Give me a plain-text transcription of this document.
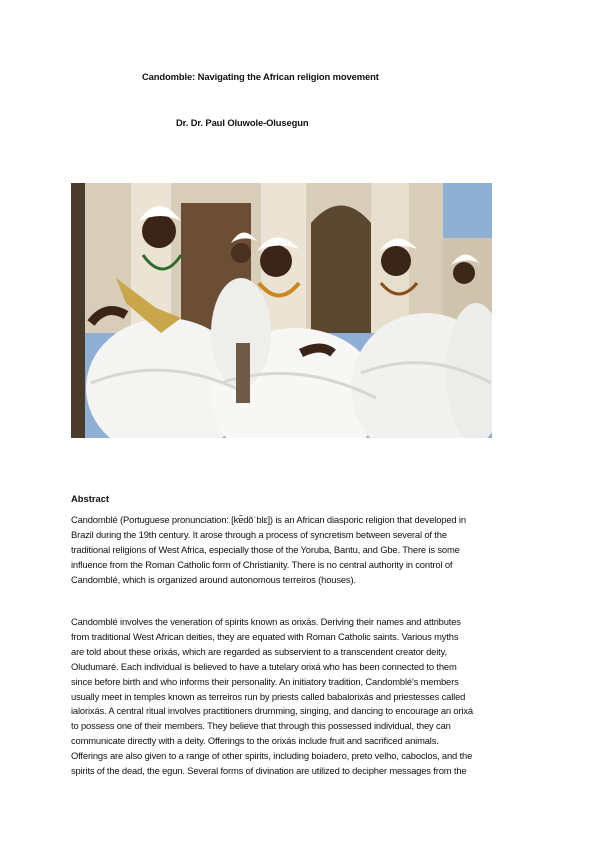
Candomble: Navigating the African religion movement
Dr. Dr. Paul Oluwole-Olusegun
Abstract
Candomblé (Portuguese pronunciation: [kɐ̃dõˈblɛ]) is an African diasporic religion that developed in
Brazil during the 19th century. It arose through a process of syncretism between several of the
traditional religions of West Africa, especially those of the Yoruba, Bantu, and Gbe. There is some
influence from the Roman Catholic form of Christianity. There is no central authority in control of
Candomblé, which is organized around autonomous terreiros (houses).
Candomblé involves the veneration of spirits known as orixás. Deriving their names and attributes
from traditional West African deities, they are equated with Roman Catholic saints. Various myths
are told about these orixás, which are regarded as subservient to a transcendent creator deity,
Oludumaré. Each individual is believed to have a tutelary orixá who has been connected to them
since before birth and who informs their personality. An initiatory tradition, Candomblé's members
usually meet in temples known as terreiros run by priests called babalorixás and priestesses called
ialorixás. A central ritual involves practitioners drumming, singing, and dancing to encourage an orixá
to possess one of their members. They believe that through this possessed individual, they can
communicate directly with a deity. Offerings to the orixás include fruit and sacrificed animals.
Offerings are also given to a range of other spirits, including boiadero, preto velho, caboclos, and the
spirits of the dead, the egun. Several forms of divination are utilized to decipher messages from the
